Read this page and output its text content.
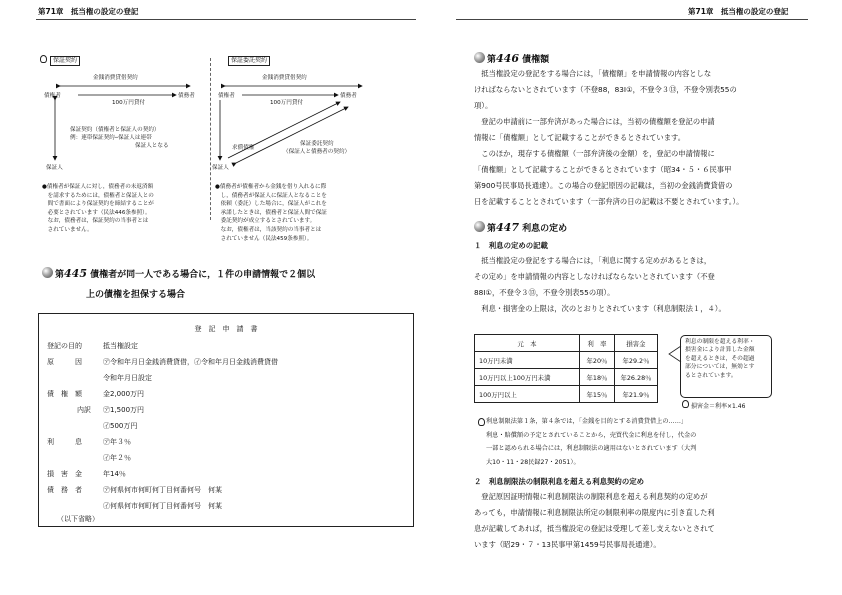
第71章　抵当権の設定の登記
保証契約	保証委託契約
金銭消費貸借契約
債権者	債務者
100万円貸付
保証契約（債権者と保証人の契約）
例：連帯保証契約─保証人は連帯
保証人となる
保証人
金銭消費貸借契約
債権者	債務者
100万円貸付
求償債権
保証委託契約
（保証人と債務者の契約）
保証人
●債権者が保証人に対し，債務者の未返済額
　を請求するためには，債権者と保証人との
　間で書面により保証契約を締結することが
　必要とされています（民法446条参照）。
　なお，債務者は，保証契約の当事者とは
　されていません。
●債務者が債権者から金銭を借り入れるに際
　し，債務者が保証人に保証人となることを
　依頼（委託）した場合に，保証人がこれを
　承諾したときは，債務者と保証人間で保証
　委託契約が成立するとされています。
　なお，債権者は，当該契約の当事者とは
　されていません（民法459条参照）。
第445 債権者が同一人である場合に，１件の申請情報で２個以
上の債権を担保する場合
登　記　申　請　書
登記の目的	抵当権設定
原　　　因	㋐令和年月日金銭消費貸借，㋑令和年月日金銭消費貸借
令和年月日設定
債　権　額	金2,000万円
内訳 ㋐1,500万円
㋑500万円
利　　　息	㋐年３％
㋑年２％
損　害　金	年14％
債　務　者	㋐何県何市何町何丁目何番何号　何某
㋑何県何市何町何丁目何番何号　何某
（以下省略）
第71章　抵当権の設定の登記
第446 債権額
　抵当権設定の登記をする場合には，「債権額」を申請情報の内容としな
ければならないとされています（不登88，83Ⅰ①，不登令３⑬，不登令別表55の
項）。
　登記の申請前に一部弁済があった場合には，当初の債権額を登記の申請
情報に「債権額」として記載することができるとされています。
　このほか，現存する債権額（一部弁済後の金額）を，登記の申請情報に
「債権額」として記載することができるとされています（昭34・５・６民事甲
第900号民事局長通達）。この場合の登記原因の記載は，当初の金銭消費貸借の
日を記載することとされています（一部弁済の日の記載は不要とされています。）。
第447 利息の定め
１　利息の定めの記載
　抵当権設定の登記をする場合には，「利息に関する定めがあるときは，
その定め」を申請情報の内容としなければならないとされています（不登
88Ⅰ①，不登令３⑬，不登令別表55の項）。
　利息・損害金の上限は，次のとおりとされています（利息制限法１，４）。
元　本	利　率	損害金
10万円未満	年20％	年29.2％
10万円以上100万円未満	年18％	年26.28％
100万円以上	年15％	年21.9％
利息の制限を超える利率・
損害金により計算した金額
を超えるときは，その超過
部分については，無効とす
るとされています。
損害金＝利率×1.46
利息制限法第１条，第４条では，「金銭を目的とする消費貸借上の……」
利息・賠償額の予定とされていることから，売買代金に利息を付し，代金の
一部と認められる場合には，利息制限法の適用はないとされています（大判
大10・11・28民録27・2051）。
２　利息制限法の制限利息を超える利息契約の定め
　登記原因証明情報に利息制限法の制限利息を超える利息契約の定めが
あっても，申請情報に利息制限法所定の制限利率の限度内に引き直した利
息が記載してあれば，抵当権設定の登記は受理して差し支えないとされて
います（昭29・７・13民事甲第1459号民事局長通達）。
